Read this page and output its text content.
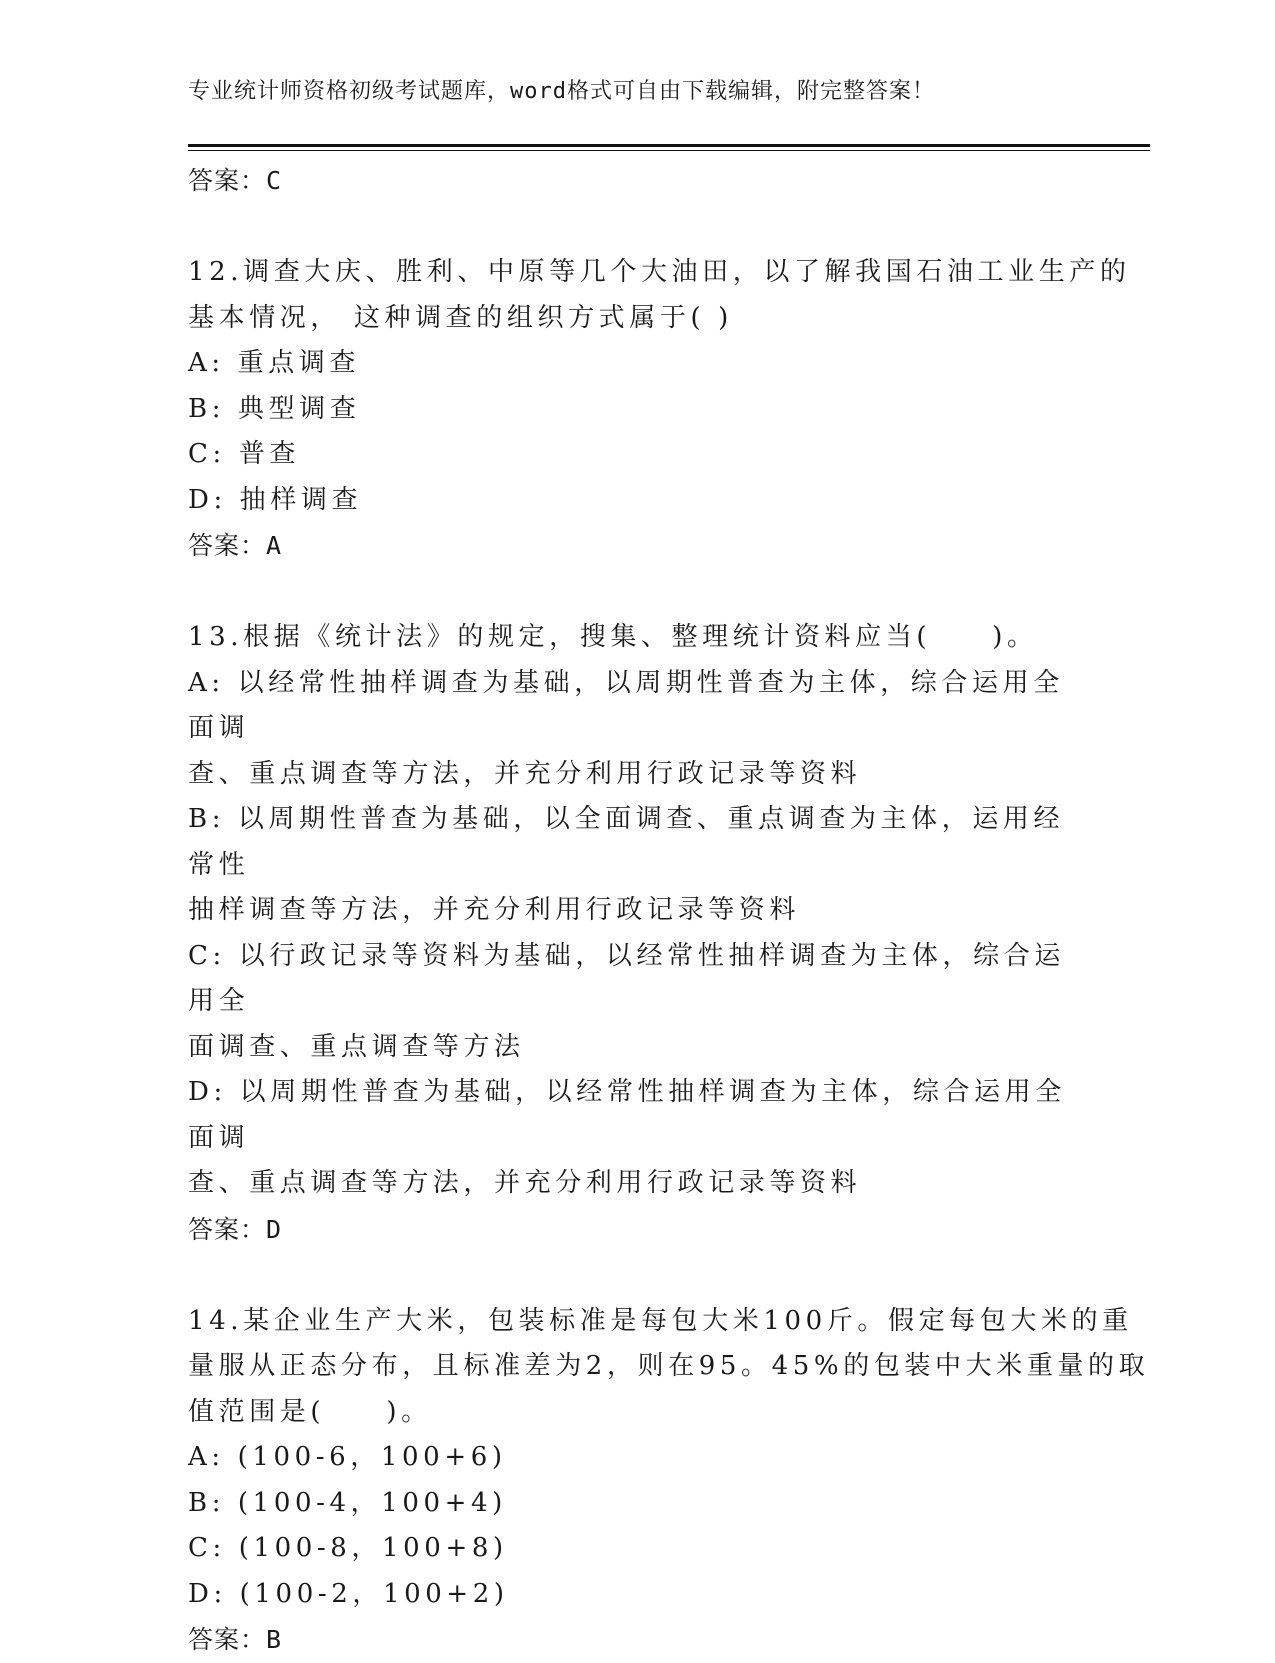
专业统计师资格初级考试题库，word格式可自由下载编辑，附完整答案！
答案：C
12.调查大庆、胜利、中原等几个大油田，以了解我国石油工业生产的
基本情况， 这种调查的组织方式属于( )
A: 重点调查
B: 典型调查
C: 普查
D: 抽样调查
答案：A
13.根据《统计法》的规定，搜集、整理统计资料应当(　　)。
A: 以经常性抽样调查为基础，以周期性普查为主体，综合运用全面调
查、重点调查等方法，并充分利用行政记录等资料
B: 以周期性普查为基础，以全面调查、重点调查为主体，运用经常性
抽样调查等方法，并充分利用行政记录等资料
C: 以行政记录等资料为基础，以经常性抽样调查为主体，综合运用全
面调查、重点调查等方法
D: 以周期性普查为基础，以经常性抽样调查为主体，综合运用全面调
查、重点调查等方法，并充分利用行政记录等资料
答案：D
14.某企业生产大米，包装标准是每包大米100斤。假定每包大米的重
量服从正态分布，且标准差为2，则在95。45%的包装中大米重量的取
值范围是(　　)。
A: (100-6，100+6)
B: (100-4，100+4)
C: (100-8，100+8)
D: (100-2，100+2)
答案：B
